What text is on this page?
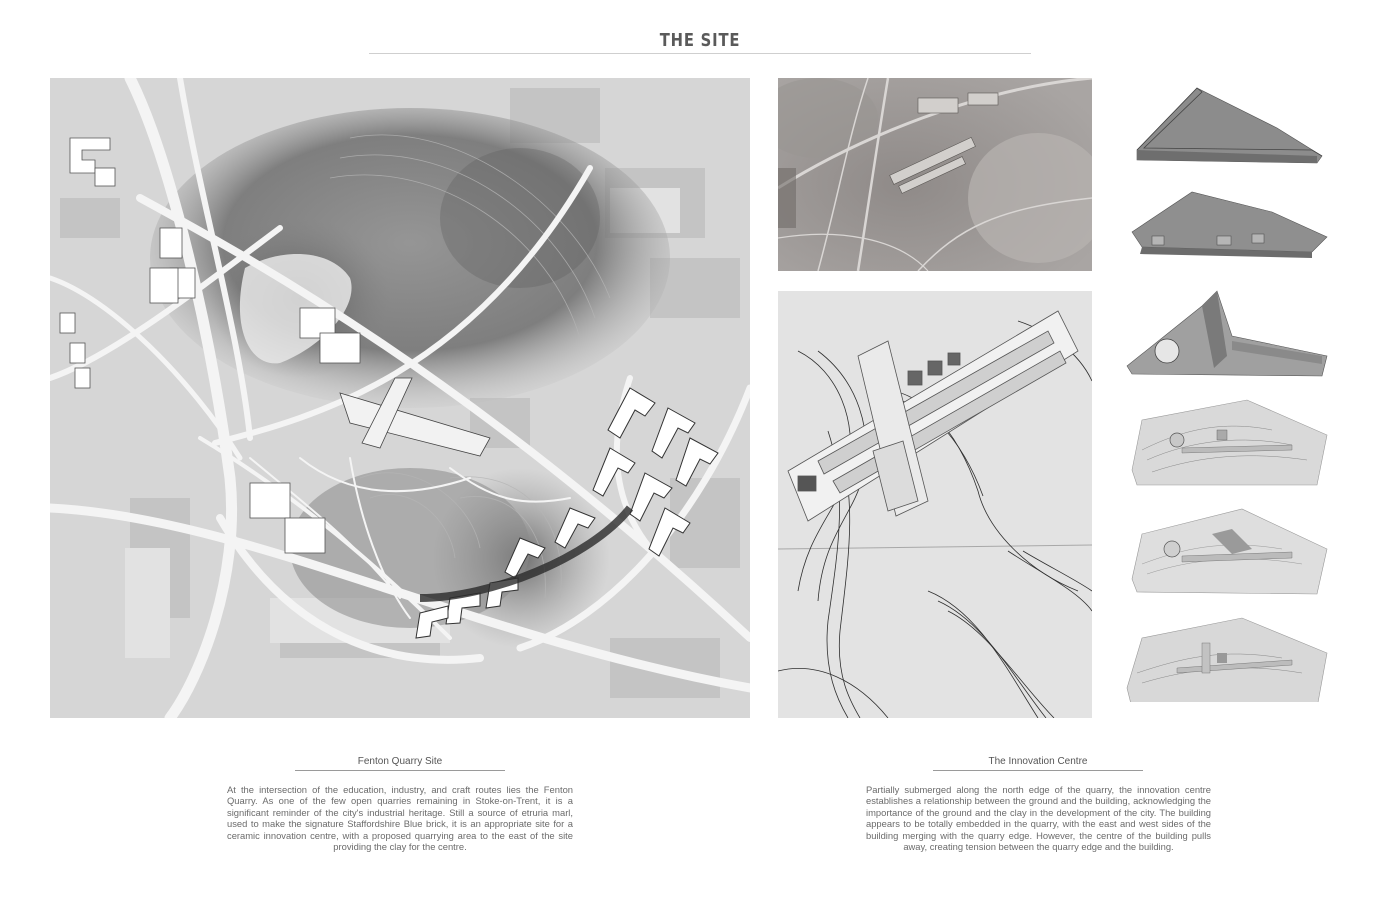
THE SITE
Fenton Quarry Site
At the intersection of the education, industry, and craft routes lies the Fenton Quarry. As one of the few open quarries remaining in Stoke-on-Trent, it is a significant reminder of the city's industrial heritage. Still a source of etruria marl, used to make the signature Staffordshire Blue brick, it is an appropriate site for a ceramic innovation centre, with a proposed quarrying area to the east of the site providing the clay for the centre.
The Innovation Centre
Partially submerged along the north edge of the quarry, the innovation centre establishes a relationship between the ground and the building, acknowledging the importance of the ground and the clay in the development of the city. The building appears to be totally embedded in the quarry, with the east and west sides of the building merging with the quarry edge. However, the centre of the building pulls away, creating tension between the quarry edge and the building.
